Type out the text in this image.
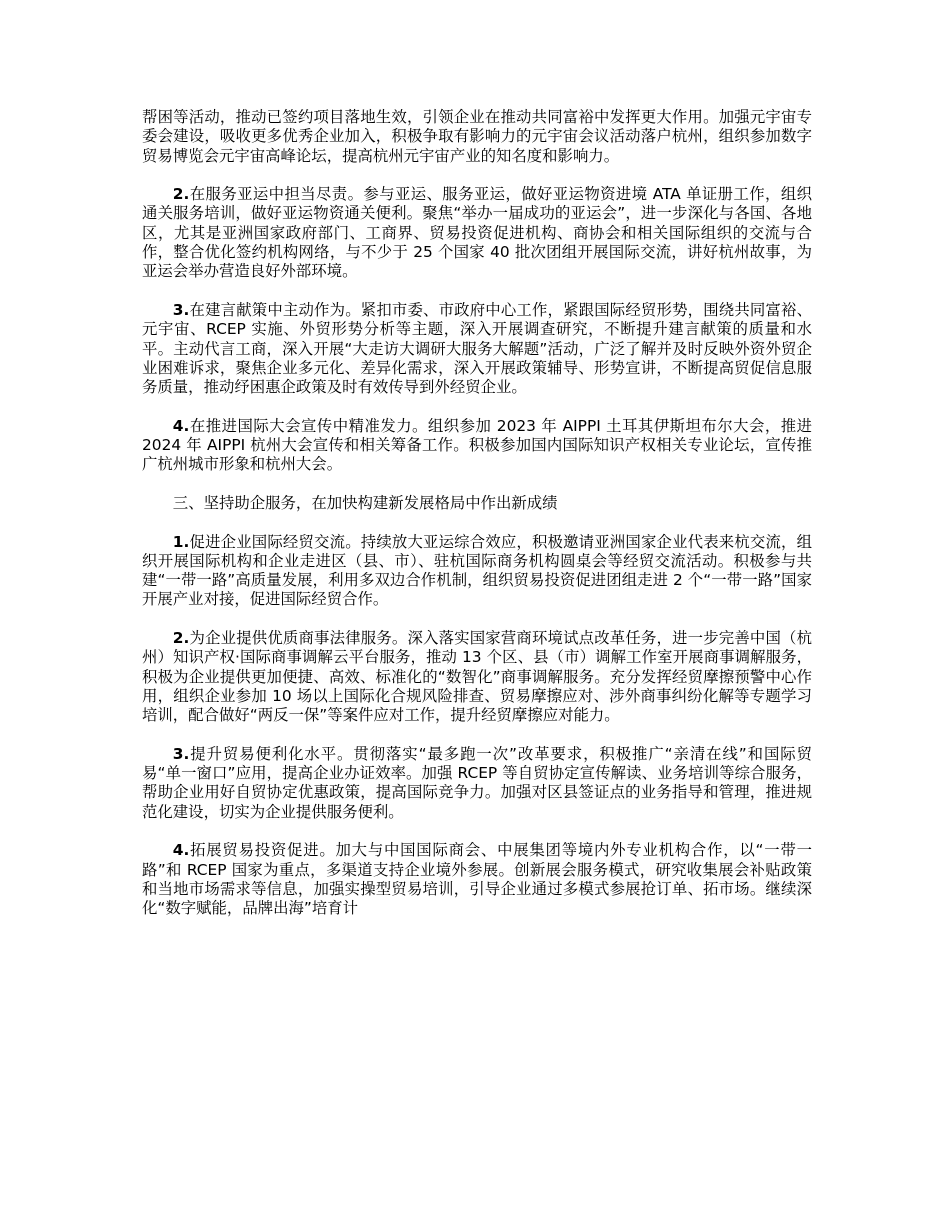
帮困等活动，推动已签约项目落地生效，引领企业在推动共同富裕中发挥更大作用。加强元宇宙专委会建设，吸收更多优秀企业加入，积极争取有影响力的元宇宙会议活动落户杭州，组织参加数字贸易博览会元宇宙高峰论坛，提高杭州元宇宙产业的知名度和影响力。

2.在服务亚运中担当尽责。参与亚运、服务亚运，做好亚运物资进境 ATA 单证册工作，组织通关服务培训，做好亚运物资通关便利。聚焦“举办一届成功的亚运会”，进一步深化与各国、各地区，尤其是亚洲国家政府部门、工商界、贸易投资促进机构、商协会和相关国际组织的交流与合作，整合优化签约机构网络，与不少于 25 个国家 40 批次团组开展国际交流，讲好杭州故事，为亚运会举办营造良好外部环境。

3.在建言献策中主动作为。紧扣市委、市政府中心工作，紧跟国际经贸形势，围绕共同富裕、元宇宙、RCEP 实施、外贸形势分析等主题，深入开展调查研究，不断提升建言献策的质量和水平。主动代言工商，深入开展“大走访大调研大服务大解题”活动，广泛了解并及时反映外资外贸企业困难诉求，聚焦企业多元化、差异化需求，深入开展政策辅导、形势宣讲，不断提高贸促信息服务质量，推动纾困惠企政策及时有效传导到外经贸企业。

4.在推进国际大会宣传中精准发力。组织参加 2023 年 AIPPI 土耳其伊斯坦布尔大会，推进 2024 年 AIPPI 杭州大会宣传和相关筹备工作。积极参加国内国际知识产权相关专业论坛，宣传推广杭州城市形象和杭州大会。

三、坚持助企服务，在加快构建新发展格局中作出新成绩

1.促进企业国际经贸交流。持续放大亚运综合效应，积极邀请亚洲国家企业代表来杭交流，组织开展国际机构和企业走进区（县、市）、驻杭国际商务机构圆桌会等经贸交流活动。积极参与共建“一带一路”高质量发展，利用多双边合作机制，组织贸易投资促进团组走进 2 个“一带一路”国家开展产业对接，促进国际经贸合作。

2.为企业提供优质商事法律服务。深入落实国家营商环境试点改革任务，进一步完善中国（杭州）知识产权·国际商事调解云平台服务，推动 13 个区、县（市）调解工作室开展商事调解服务，积极为企业提供更加便捷、高效、标准化的“数智化”商事调解服务。充分发挥经贸摩擦预警中心作用，组织企业参加 10 场以上国际化合规风险排查、贸易摩擦应对、涉外商事纠纷化解等专题学习培训，配合做好“两反一保”等案件应对工作，提升经贸摩擦应对能力。

3.提升贸易便利化水平。贯彻落实“最多跑一次”改革要求，积极推广“亲清在线”和国际贸易“单一窗口”应用，提高企业办证效率。加强 RCEP 等自贸协定宣传解读、业务培训等综合服务，帮助企业用好自贸协定优惠政策，提高国际竞争力。加强对区县签证点的业务指导和管理，推进规范化建设，切实为企业提供服务便利。

4.拓展贸易投资促进。加大与中国国际商会、中展集团等境内外专业机构合作，以“一带一路”和 RCEP 国家为重点，多渠道支持企业境外参展。创新展会服务模式，研究收集展会补贴政策和当地市场需求等信息，加强实操型贸易培训，引导企业通过多模式参展抢订单、拓市场。继续深化“数字赋能，品牌出海”培育计
